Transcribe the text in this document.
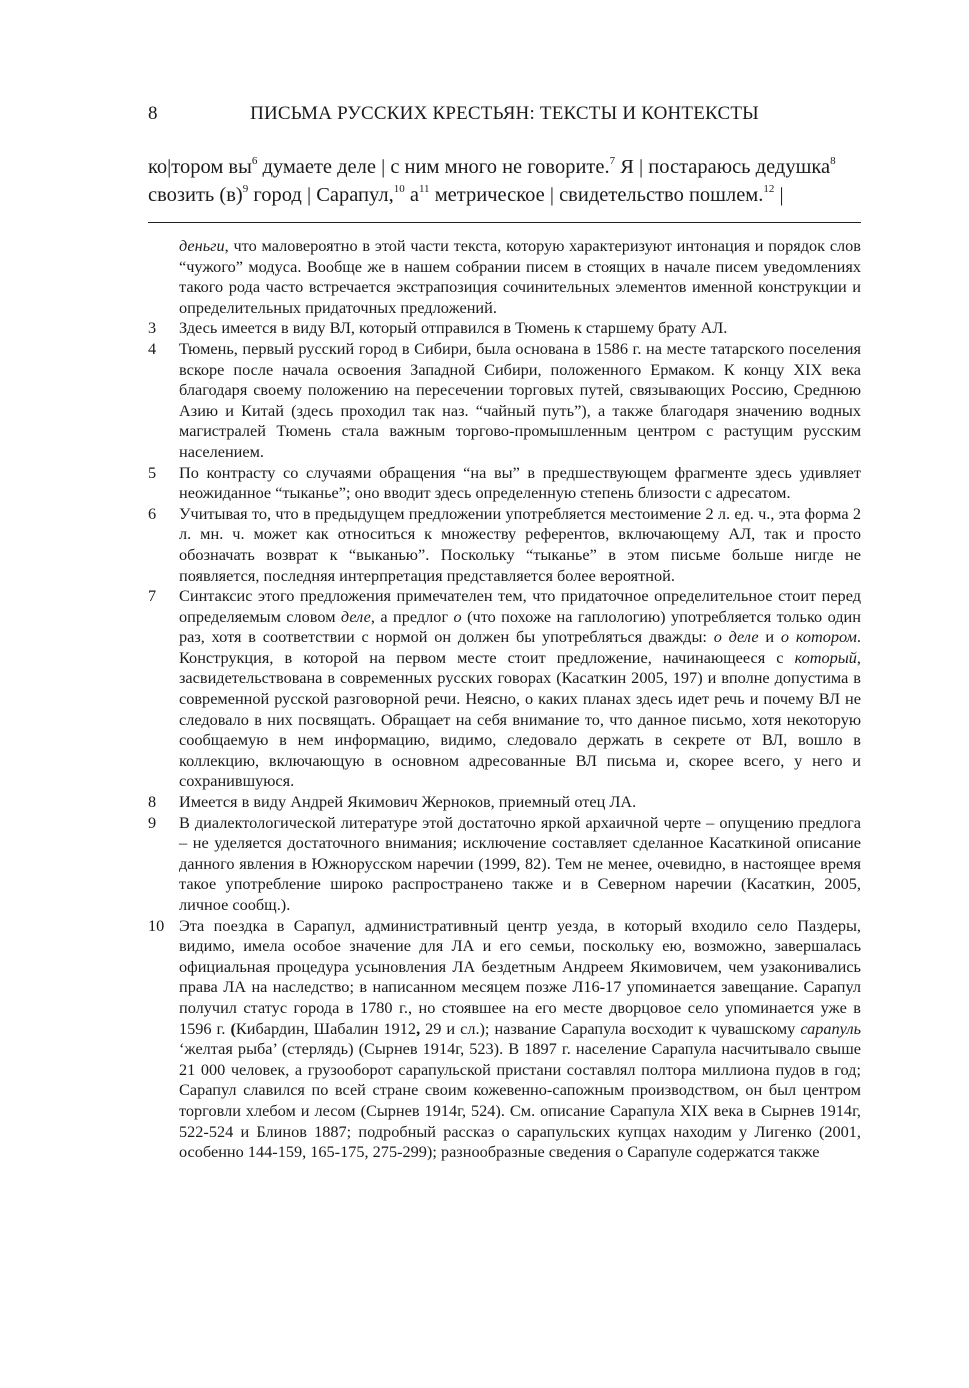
8	ПИСЬМА РУССКИХ КРЕСТЬЯН: ТЕКСТЫ И КОНТЕКСТЫ
ко|тором $вы^6$ думаете деле | с ним много не говорите.$^7$ Я | постараюсь дедушка$^8$
свозить $(в)^9$ город | Сарапул,$^{10}$ $а^{11}$ метрическое | свидетельство пошлем.$^{12}$ |
деньги, что маловероятно в этой части текста, которую характеризуют интонация и порядок слов “чужого” модуса. Вообще же в нашем собрании писем в стоящих в начале писем уведомлениях такого рода часто встречается экстрапозиция сочинительных элементов именной конструкции и определительных придаточных предложений.
3	Здесь имеется в виду ВЛ, который отправился в Тюмень к старшему брату АЛ.
4	Тюмень, первый русский город в Сибири, была основана в 1586 г. на месте татарского поселения вскоре после начала освоения Западной Сибири, положенного Ермаком. К концу XIX века благодаря своему положению на пересечении торговых путей, связывающих Россию, Среднюю Азию и Китай (здесь проходил так наз. “чайный путь”), а также благодаря значению водных магистралей Тюмень стала важным торгово-промышленным центром с растущим русским населением.
5	По контрасту со случаями обращения “на вы” в предшествующем фрагменте здесь удивляет неожиданное “тыканье”; оно вводит здесь определенную степень близости с адресатом.
6	Учитывая то, что в предыдущем предложении употребляется местоимение 2 л. ед. ч., эта форма 2 л. мн. ч. может как относиться к множеству референтов, включающему АЛ, так и просто обозначать возврат к “выканью”. Поскольку “тыканье” в этом письме больше нигде не появляется, последняя интерпретация представляется более вероятной.
7	Синтаксис этого предложения примечателен тем, что придаточное определительное стоит перед определяемым словом деле, а предлог о (что похоже на гаплологию) употребляется только один раз, хотя в соответствии с нормой он должен бы употребляться дважды: о деле и о котором. Конструкция, в которой на первом месте стоит предложение, начинающееся с который, засвидетельствована в современных русских говорах (Касаткин 2005, 197) и вполне допустима в современной русской разговорной речи. Неясно, о каких планах здесь идет речь и почему ВЛ не следовало в них посвящать. Обращает на себя внимание то, что данное письмо, хотя некоторую сообщаемую в нем информацию, видимо, следовало держать в секрете от ВЛ, вошло в коллекцию, включающую в основном адресованные ВЛ письма и, скорее всего, у него и сохранившуюся.
8	Имеется в виду Андрей Якимович Жерноков, приемный отец ЛА.
9	В диалектологической литературе этой достаточно яркой архаичной черте – опущению предлога – не уделяется достаточного внимания; исключение составляет сделанное Касаткиной описание данного явления в Южнорусском наречии (1999, 82). Тем не менее, очевидно, в настоящее время такое употребление широко распространено также и в Северном наречии (Касаткин, 2005, личное сообщ.).
10 Эта поездка в Сарапул, административный центр уезда, в который входило село Паздеры, видимо, имела особое значение для ЛА и его семьи, поскольку ею, возможно, завершалась официальная процедура усыновления ЛА бездетным Андреем Якимовичем, чем узаконивались права ЛА на наследство; в написанном месяцем позже Л16-17 упоминается завещание. Сарапул получил статус города в 1780 г., но стоявшее на его месте дворцовое село упоминается уже в 1596 г. (Кибардин, Шабалин 1912, 29 и сл.); название Сарапула восходит к чувашскому сарапуль ‘желтая рыба’ (стерлядь) (Сырнев 1914г, 523). В 1897 г. население Сарапула насчитывало свыше 21 000 человек, а грузооборот сарапульской пристани составлял полтора миллиона пудов в год; Сарапул славился по всей стране своим кожевенно-сапожным производством, он был центром торговли хлебом и лесом (Сырнев 1914г, 524). См. описание Сарапула XIX века в Сырнев 1914г, 522-524 и Блинов 1887; подробный рассказ о сарапульских купцах находим у Лигенко (2001, особенно 144-159, 165-175, 275-299); разнообразные сведения о Сарапуле содержатся также
